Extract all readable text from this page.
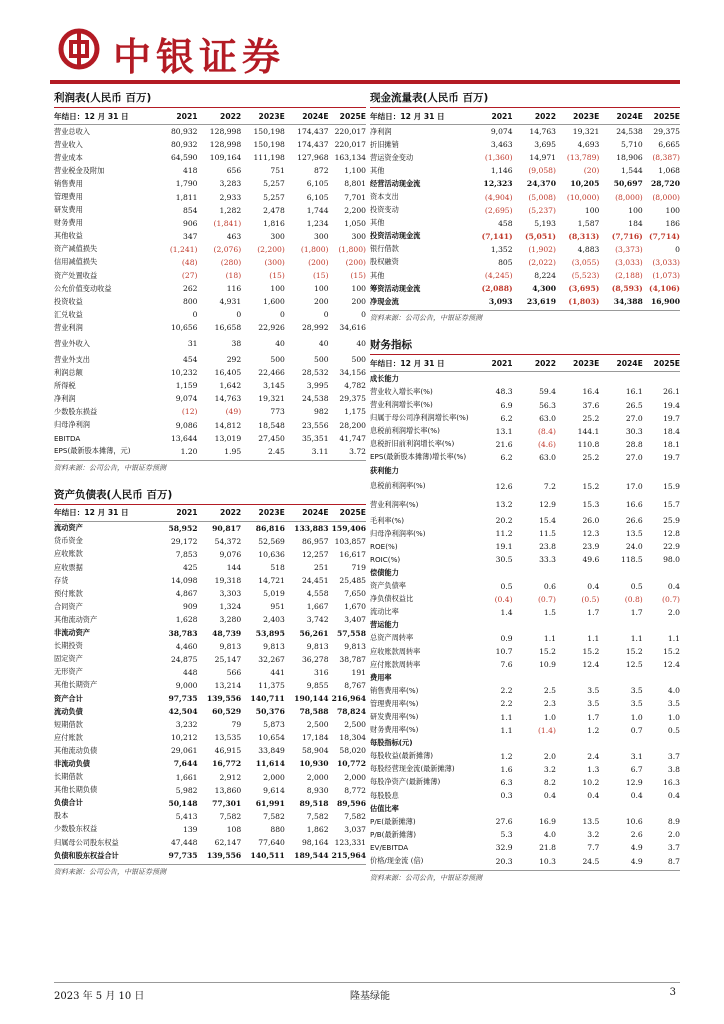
中银证券
利润表(人民币 百万)
年结日：12 月 31 日	2021	2022	2023E	2024E	2025E
营业总收入	80,932	128,998	150,198	174,437	220,017
营业收入	80,932	128,998	150,198	174,437	220,017
营业成本	64,590	109,164	111,198	127,968	163,134
营业税金及附加	418	656	751	872	1,100
销售费用	1,790	3,283	5,257	6,105	8,801
管理费用	1,811	2,933	5,257	6,105	7,701
研发费用	854	1,282	2,478	1,744	2,200
财务费用	906	(1,841)	1,816	1,234	1,050
其他收益	347	463	300	300	300
资产减值损失	(1,241)	(2,076)	(2,200)	(1,800)	(1,800)
信用减值损失	(48)	(280)	(300)	(200)	(200)
资产处置收益	(27)	(18)	(15)	(15)	(15)
公允价值变动收益	262	116	100	100	100
投资收益	800	4,931	1,600	200	200
汇兑收益	0	0	0	0	0
营业利润	10,656	16,658	22,926	28,992	34,616
营业外收入	31	38	40	40	40
营业外支出	454	292	500	500	500
利润总额	10,232	16,405	22,466	28,532	34,156
所得税	1,159	1,642	3,145	3,995	4,782
净利润	9,074	14,763	19,321	24,538	29,375
少数股东损益	(12)	(49)	773	982	1,175
归母净利润	9,086	14,812	18,548	23,556	28,200
EBITDA	13,644	13,019	27,450	35,351	41,747
EPS(最新股本摊薄，元)	1.20	1.95	2.45	3.11	3.72
资料来源：公司公告，中银证券预测
资产负债表(人民币 百万)
年结日：12 月 31 日	2021	2022	2023E	2024E	2025E
流动资产	58,952	90,817	86,816	133,883	159,406
货币资金	29,172	54,372	52,569	86,957	103,857
应收账款	7,853	9,076	10,636	12,257	16,617
应收票据	425	144	518	251	719
存货	14,098	19,318	14,721	24,451	25,485
预付账款	4,867	3,303	5,019	4,558	7,650
合同资产	909	1,324	951	1,667	1,670
其他流动资产	1,628	3,280	2,403	3,742	3,407
非流动资产	38,783	48,739	53,895	56,261	57,558
长期投资	4,460	9,813	9,813	9,813	9,813
固定资产	24,875	25,147	32,267	36,278	38,787
无形资产	448	566	441	316	191
其他长期资产	9,000	13,214	11,375	9,855	8,767
资产合计	97,735	139,556	140,711	190,144	216,964
流动负债	42,504	60,529	50,376	78,588	78,824
短期借款	3,232	79	5,873	2,500	2,500
应付账款	10,212	13,535	10,654	17,184	18,304
其他流动负债	29,061	46,915	33,849	58,904	58,020
非流动负债	7,644	16,772	11,614	10,930	10,772
长期借款	1,661	2,912	2,000	2,000	2,000
其他长期负债	5,982	13,860	9,614	8,930	8,772
负债合计	50,148	77,301	61,991	89,518	89,596
股本	5,413	7,582	7,582	7,582	7,582
少数股东权益	139	108	880	1,862	3,037
归属母公司股东权益	47,448	62,147	77,640	98,164	123,331
负债和股东权益合计	97,735	139,556	140,511	189,544	215,964
资料来源：公司公告，中银证券预测
现金流量表(人民币 百万)
年结日：12 月 31 日	2021	2022	2023E	2024E	2025E
净利润	9,074	14,763	19,321	24,538	29,375
折旧摊销	3,463	3,695	4,693	5,710	6,665
营运资金变动	(1,360)	14,971	(13,789)	18,906	(8,387)
其他	1,146	(9,058)	(20)	1,544	1,068
经营活动现金流	12,323	24,370	10,205	50,697	28,720
资本支出	(4,904)	(5,008)	(10,000)	(8,000)	(8,000)
投资变动	(2,695)	(5,237)	100	100	100
其他	458	5,193	1,587	184	186
投资活动现金流	(7,141)	(5,051)	(8,313)	(7,716)	(7,714)
银行借款	1,352	(1,902)	4,883	(3,373)	0
股权融资	805	(2,022)	(3,055)	(3,033)	(3,033)
其他	(4,245)	8,224	(5,523)	(2,188)	(1,073)
筹资活动现金流	(2,088)	4,300	(3,695)	(8,593)	(4,106)
净现金流	3,093	23,619	(1,803)	34,388	16,900
资料来源：公司公告，中银证券预测
财务指标
年结日：12 月 31 日	2021	2022	2023E	2024E	2025E
成长能力					
营业收入增长率(%)	48.3	59.4	16.4	16.1	26.1
营业利润增长率(%)	6.9	56.3	37.6	26.5	19.4
归属于母公司净利润增长率(%)	6.2	63.0	25.2	27.0	19.7
息税前利润增长率(%)	13.1	(8.4)	144.1	30.3	18.4
息税折旧前利润增长率(%)	21.6	(4.6)	110.8	28.8	18.1
EPS(最新股本摊薄)增长率(%)	6.2	63.0	25.2	27.0	19.7
获利能力					
息税前利润率(%)	12.6	7.2	15.2	17.0	15.9
营业利润率(%)	13.2	12.9	15.3	16.6	15.7
毛利率(%)	20.2	15.4	26.0	26.6	25.9
归母净利润率(%)	11.2	11.5	12.3	13.5	12.8
ROE(%)	19.1	23.8	23.9	24.0	22.9
ROIC(%)	30.5	33.3	49.6	118.5	98.0
偿债能力					
资产负债率	0.5	0.6	0.4	0.5	0.4
净负债权益比	(0.4)	(0.7)	(0.5)	(0.8)	(0.7)
流动比率	1.4	1.5	1.7	1.7	2.0
营运能力					
总资产周转率	0.9	1.1	1.1	1.1	1.1
应收账款周转率	10.7	15.2	15.2	15.2	15.2
应付账款周转率	7.6	10.9	12.4	12.5	12.4
费用率					
销售费用率(%)	2.2	2.5	3.5	3.5	4.0
管理费用率(%)	2.2	2.3	3.5	3.5	3.5
研发费用率(%)	1.1	1.0	1.7	1.0	1.0
财务费用率(%)	1.1	(1.4)	1.2	0.7	0.5
每股指标(元)					
每股收益(最新摊薄)	1.2	2.0	2.4	3.1	3.7
每股经营现金流(最新摊薄)	1.6	3.2	1.3	6.7	3.8
每股净资产(最新摊薄)	6.3	8.2	10.2	12.9	16.3
每股股息	0.3	0.4	0.4	0.4	0.4
估值比率					
P/E(最新摊薄)	27.6	16.9	13.5	10.6	8.9
P/B(最新摊薄)	5.3	4.0	3.2	2.6	2.0
EV/EBITDA	32.9	21.8	7.7	4.9	3.7
价格/现金流 (倍)	20.3	10.3	24.5	4.9	8.7
资料来源：公司公告，中银证券预测
2023 年 5 月 10 日	隆基绿能	3
